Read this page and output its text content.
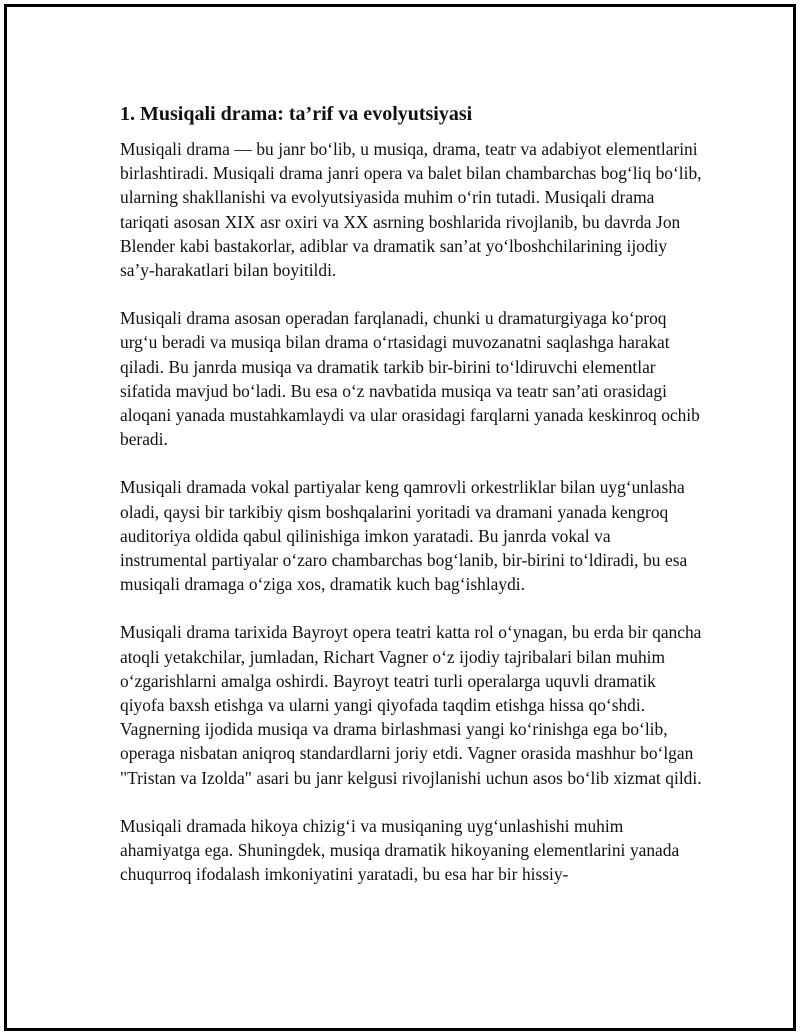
1. Musiqali drama: ta’rif va evolyutsiyasi

Musiqali drama — bu janr bo‘lib, u musiqa, drama, teatr va adabiyot elementlarini birlashtiradi. Musiqali drama janri opera va balet bilan chambarchas bog‘liq bo‘lib, ularning shakllanishi va evolyutsiyasida muhim o‘rin tutadi. Musiqali drama tariqati asosan XIX asr oxiri va XX asrning boshlarida rivojlanib, bu davrda Jon Blender kabi bastakorlar, adiblar va dramatik san’at yo‘lboshchilarining ijodiy sa’y-harakatlari bilan boyitildi.

Musiqali drama asosan operadan farqlanadi, chunki u dramaturgiyaga ko‘proq urg‘u beradi va musiqa bilan drama o‘rtasidagi muvozanatni saqlashga harakat qiladi. Bu janrda musiqa va dramatik tarkib bir-birini to‘ldiruvchi elementlar sifatida mavjud bo‘ladi. Bu esa o‘z navbatida musiqa va teatr san’ati orasidagi aloqani yanada mustahkamlaydi va ular orasidagi farqlarni yanada keskinroq ochib beradi.

Musiqali dramada vokal partiyalar keng qamrovli orkestrliklar bilan uyg‘unlasha oladi, qaysi bir tarkibiy qism boshqalarini yoritadi va dramani yanada kengroq auditoriya oldida qabul qilinishiga imkon yaratadi. Bu janrda vokal va instrumental partiyalar o‘zaro chambarchas bog‘lanib, bir-birini to‘ldiradi, bu esa musiqali dramaga o‘ziga xos, dramatik kuch bag‘ishlaydi.

Musiqali drama tarixida Bayroyt opera teatri katta rol o‘ynagan, bu erda bir qancha atoqli yetakchilar, jumladan, Richart Vagner o‘z ijodiy tajribalari bilan muhim o‘zgarishlarni amalga oshirdi. Bayroyt teatri turli operalarga uquvli dramatik qiyofa baxsh etishga va ularni yangi qiyofada taqdim etishga hissa qo‘shdi. Vagnerning ijodida musiqa va drama birlashmasi yangi ko‘rinishga ega bo‘lib, operaga nisbatan aniqroq standardlarni joriy etdi. Vagner orasida mashhur bo‘lgan "Tristan va Izolda" asari bu janr kelgusi rivojlanishi uchun asos bo‘lib xizmat qildi.

Musiqali dramada hikoya chizig‘i va musiqaning uyg‘unlashishi muhim ahamiyatga ega. Shuningdek, musiqa dramatik hikoyaning elementlarini yanada chuqurroq ifodalash imkoniyatini yaratadi, bu esa har bir hissiy-
